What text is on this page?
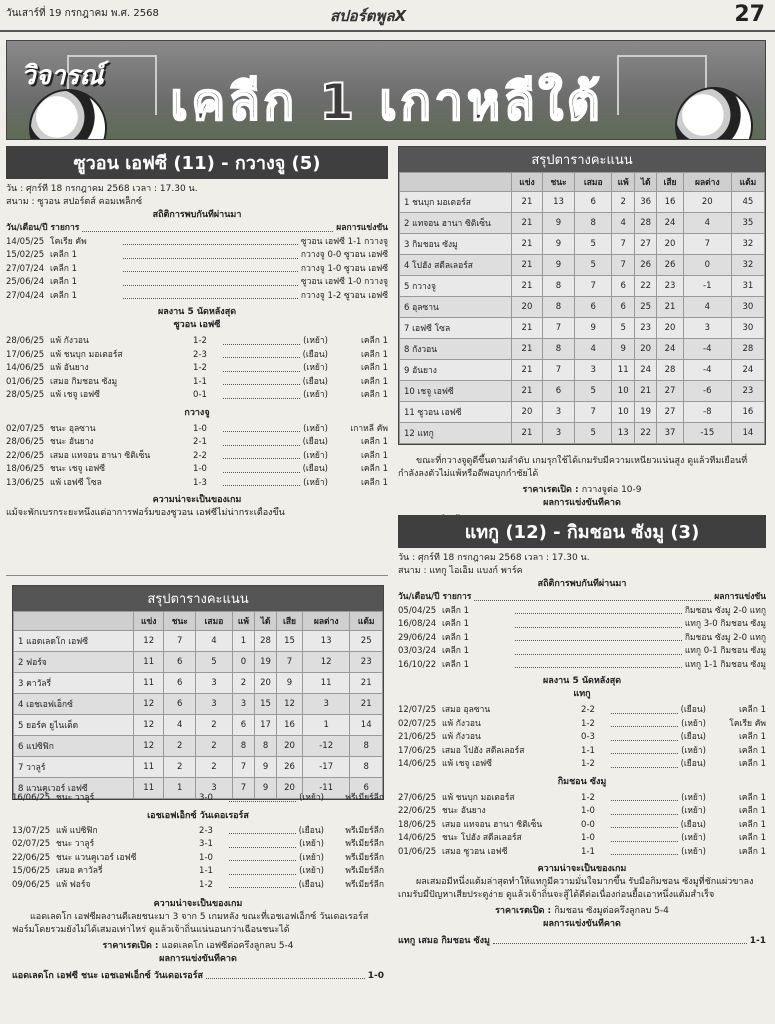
วันเสาร์ที่ 19 กรกฎาคม พ.ศ. 2568	สปอร์ตพูลX	27
วิจารณ์ เคลีก 1 เกาหลีใต้
ซูวอน เอฟซี (11) - กวางจู (5)
วัน : ศุกร์ที่ 18 กรกฎาคม 2568 เวลา : 17.30 น.
สนาม : ซูวอน สปอร์ตส์ คอมเพล็กซ์
สถิติการพบกันที่ผ่านมา
วัน/เดือน/ปี รายการ	ผลการแข่งขัน
14/05/25 โคเรีย คัพ	ซูวอน เอฟซี 1-1 กวางจู
15/02/25 เคลีก 1	กวางจู 0-0 ซูวอน เอฟซี
27/07/24 เคลีก 1	กวางจู 1-0 ซูวอน เอฟซี
25/06/24 เคลีก 1	ซูวอน เอฟซี 1-0 กวางจู
27/04/24 เคลีก 1	กวางจู 1-2 ซูวอน เอฟซี
ผลงาน 5 นัดหลังสุด
ซูวอน เอฟซี
28/06/25 แพ้ กังวอน	1-2	(เหย้า)	เคลีก 1
17/06/25 แพ้ ชนบุก มอเตอร์ส	2-3	(เยือน)	เคลีก 1
14/06/25 แพ้ อันยาง	1-2	(เหย้า)	เคลีก 1
01/06/25 เสมอ กิมชอน ซังมู	1-1	(เยือน)	เคลีก 1
28/05/25 แพ้ เชจู เอฟซี	0-1	(เหย้า)	เคลีก 1
กวางจู
02/07/25 ชนะ อุลซาน	1-0	(เหย้า)	เกาหลี คัพ
28/06/25 ชนะ อันยาง	2-1	(เยือน)	เคลีก 1
22/06/25 เสมอ แทจอน ฮานา ซิติเซ็น	2-2	(เหย้า)	เคลีก 1
18/06/25 ชนะ เชจู เอฟซี	1-0	(เยือน)	เคลีก 1
13/06/25 แพ้ เอฟซี โซล	1-3	(เหย้า)	เคลีก 1
ความน่าจะเป็นของเกม
แม้จะพักเบรกระยะหนึ่งแต่อาการฟอร์มของซูวอน เอฟซีไม่น่ากระเตื้องขึ้น
สรุปตารางคะแนน
	แข่ง	ชนะ	เสมอ	แพ้	ได้	เสีย	ผลต่าง	แต้ม
1 แอดเลดโก เอฟซี	12	7	4	1	28	15	13	25
2 ฟอร์จ	11	6	5	0	19	7	12	23
3 คาวัลรี่	11	6	3	2	20	9	11	21
4 เอชเอฟเอ็กซ์	12	6	3	3	15	12	3	21
5 ยอร์ค ยูไนเต็ด	12	4	2	6	17	16	1	14
6 แปซิฟิก	12	2	2	8	8	20	-12	8
7 วาลูร์	11	2	2	7	9	26	-17	8
8 แวนคูเวอร์ เอฟซี	11	1	3	7	9	20	-11	6
16/06/25 ชนะ วาลูร์	3-0	(เหย้า)	พรีเมียร์ลีก
เอชเอฟเอ็กซ์ วันเดอเรอร์ส
13/07/25 แพ้ แปซิฟิก	2-3	(เยือน)	พรีเมียร์ลีก
02/07/25 ชนะ วาลูร์	3-1	(เหย้า)	พรีเมียร์ลีก
22/06/25 ชนะ แวนคูเวอร์ เอฟซี	1-0	(เหย้า)	พรีเมียร์ลีก
15/06/25 เสมอ คาวัลรี่	1-1	(เหย้า)	พรีเมียร์ลีก
09/06/25 แพ้ ฟอร์จ	1-2	(เยือน)	พรีเมียร์ลีก
ความน่าจะเป็นของเกม
แอดเลดโก เอฟซีผลงานดีเลยชนะมา 3 จาก 5 เกมหลัง ขณะที่เอชเอฟเอ็กซ์ วันเดอเรอร์สฟอร์มโดยรวมยังไม่ได้เสมอเท่าไหร่ ดูแล้วเจ้าถิ่นแน่นอนกว่าเฉือนชนะได้
ราคาเรตเปิด : แอดเลดโก เอฟซีต่อครึ่งลูกลบ 5-4
ผลการแข่งขันที่คาด
แอดเลดโก เอฟซี ชนะ เอชเอฟเอ็กซ์ วันเดอเรอร์ส	1-0
สรุปตารางคะแนน
	แข่ง	ชนะ	เสมอ	แพ้	ได้	เสีย	ผลต่าง	แต้ม
1 ชนบุก มอเตอร์ส	21	13	6	2	36	16	20	45
2 แทจอน ฮานา ซิติเซ็น	21	9	8	4	28	24	4	35
3 กิมชอน ซังมู	21	9	5	7	27	20	7	32
4 โปฮัง สตีลเลอร์ส	21	9	5	7	26	26	0	32
5 กวางจู	21	8	7	6	22	23	-1	31
6 อุลซาน	20	8	6	6	25	21	4	30
7 เอฟซี โซล	21	7	9	5	23	20	3	30
8 กังวอน	21	8	4	9	20	24	-4	28
9 อันยาง	21	7	3	11	24	28	-4	24
10 เชจู เอฟซี	21	6	5	10	21	27	-6	23
11 ซูวอน เอฟซี	20	3	7	10	19	27	-8	16
12 แทกู	21	3	5	13	22	37	-15	14
ขณะที่กวางจูดูดีขึ้นตามลำดับ เกมรุกใช้ได้เกมรับมีความเหนียวแน่นสูง ดูแล้วทีมเยือนที่กำลังลงตัวไม่แพ้หรือดีพอบุกกำชัยได้
ราคาเรตเปิด : กวางจูต่อ 10-9
ผลการแข่งขันที่คาด
แทกู (12) - กิมชอน ซังมู (3)
วัน : ศุกร์ที่ 18 กรกฎาคม 2568 เวลา : 17.30 น.
สนาม : แทกู ไอเอ็ม แบงก์ พาร์ค
สถิติการพบกันที่ผ่านมา
วัน/เดือน/ปี รายการ	ผลการแข่งขัน
05/04/25 เคลีก 1	กิมชอน ซังมู 2-0 แทกู
16/08/24 เคลีก 1	แทกู 3-0 กิมชอน ซังมู
29/06/24 เคลีก 1	กิมชอน ซังมู 2-0 แทกู
03/03/24 เคลีก 1	แทกู 0-1 กิมชอน ซังมู
16/10/22 เคลีก 1	แทกู 1-1 กิมชอน ซังมู
ผลงาน 5 นัดหลังสุด
แทกู
12/07/25 เสมอ อุลซาน	2-2	(เยือน)	เคลีก 1
02/07/25 แพ้ กังวอน	1-2	(เหย้า)	โคเรีย คัพ
21/06/25 แพ้ กังวอน	0-3	(เยือน)	เคลีก 1
17/06/25 เสมอ โปฮัง สตีลเลอร์ส	1-1	(เหย้า)	เคลีก 1
14/06/25 แพ้ เชจู เอฟซี	1-2	(เยือน)	เคลีก 1
กิมชอน ซังมู
27/06/25 แพ้ ชนบุก มอเตอร์ส	1-2	(เหย้า)	เคลีก 1
22/06/25 ชนะ อันยาง	1-0	(เหย้า)	เคลีก 1
18/06/25 เสมอ แทจอน ฮานา ซิติเซ็น	0-0	(เยือน)	เคลีก 1
14/06/25 ชนะ โปฮัง สตีลเลอร์ส	1-0	(เหย้า)	เคลีก 1
01/06/25 เสมอ ซูวอน เอฟซี	1-1	(เหย้า)	เคลีก 1
ความน่าจะเป็นของเกม
ผลเสมอมีหนึ่งแต้มล่าสุดทำให้แทกูมีความมั่นใจมากขึ้น รับมือกิมชอน ซังมูที่ชักแผ่วขาลงเกมรับมีปัญหาเสียประตูง่าย ดูแล้วเจ้าถิ่นจะสู้ได้ดีต่อเนื่องก่อนยื้อเอาหนึ่งแต้มสำเร็จ
ราคาเรตเปิด : กิมชอน ซังมูต่อครึ่งลูกลบ 5-4
ผลการแข่งขันที่คาด
แทกู เสมอ กิมชอน ซังมู	1-1
